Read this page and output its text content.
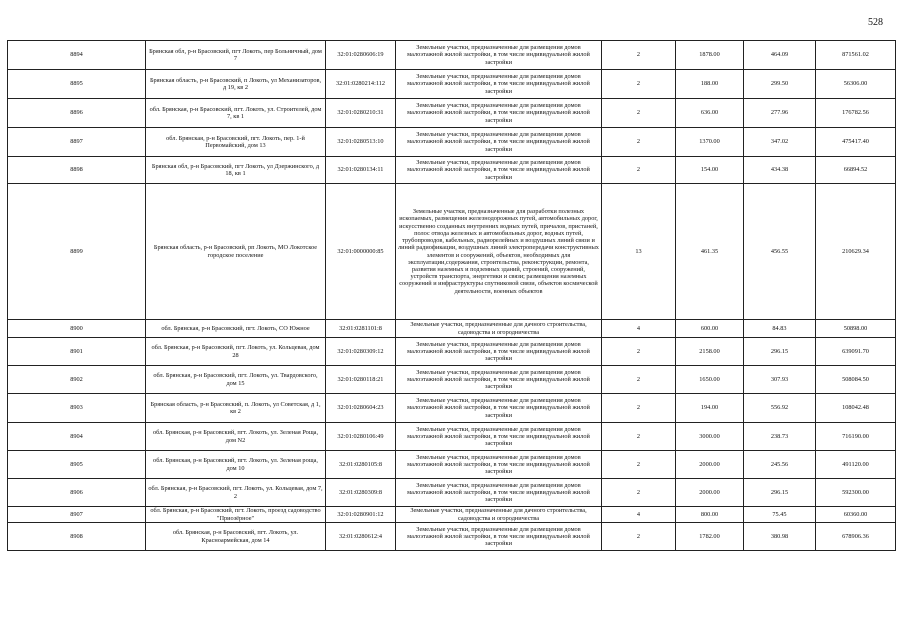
528
8894	Брянская обл, р-н Брасовский, пгт Локоть, пер Больничный, дом 7	32:01:0280606:19	Земельные участки, предназначенные для размещения домов малоэтажной жилой застройки, в том числе индивидуальной жилой застройки	2	1878.00	464.09	871561.02
8895	Брянская область, р-н Брасовский, п Локоть, ул Механизаторов, д 19, кв 2	32:01:0280214:112	Земельные участки, предназначенные для размещения домов малоэтажной жилой застройки, в том числе индивидуальной жилой застройки	2	188.00	299.50	56306.00
8896	обл. Брянская, р-н Брасовский, пгт. Локоть, ул. Строителей, дом 7, кв 1	32:01:0280210:31	Земельные участки, предназначенные для размещения домов малоэтажной жилой застройки, в том числе индивидуальной жилой застройки	2	636.00	277.96	176782.56
8897	обл. Брянская, р-н Брасовский, пгт. Локоть, пер. 1-й Первомайский, дом 13	32:01:0280513:10	Земельные участки, предназначенные для размещения домов малоэтажной жилой застройки, в том числе индивидуальной жилой застройки	2	1370.00	347.02	475417.40
8898	Брянская обл, р-н Брасовский, пгт Локоть, ул Дзержинского, д 18, кв 1	32:01:0280134:11	Земельные участки, предназначенные для размещения домов малоэтажной жилой застройки, в том числе индивидуальной жилой застройки	2	154.00	434.38	66894.52
8899	Брянская область, р-н Брасовский, рп Локоть, МО Локотское городское поселение	32:01:0000000:85	Земельные участки, предназначенные для разработки полезных ископаемых, размещения железнодорожных путей, автомобильных дорог, искусственно созданных внутренних водных путей, причалов, пристаней, полос отвода железных и автомобильных дорог, водных путей, трубопроводов, кабельных, радиорелейных и воздушных линий связи и линий радиофикации, воздушных линий электропередачи конструктивных элементов и сооружений, объектов, необходимых для эксплуатации,содержания, строительства, реконструкции, ремонта, развития наземных и подземных зданий, строений, сооружений, устройств транспорта, энергетики и связи; размещения наземных сооружений и инфраструктуры спутниковой связи, объектов космической деятельности, военных объектов	13	461.35	456.55	210629.34
8900	обл. Брянская, р-н Брасовский, пгт. Локоть, СО Южное	32:01:0281101:8	Земельные участки, предназначенные для дачного строительства, садоводства и огородничества	4	600.00	84.83	50898.00
8901	обл. Брянская, р-н Брасовский, пгт. Локоть, ул. Кольцевая, дом 28	32:01:0280309:12	Земельные участки, предназначенные для размещения домов малоэтажной жилой застройки, в том числе индивидуальной жилой застройки	2	2158.00	296.15	639091.70
8902	обл. Брянская, р-н Брасовский, пгт. Локоть, ул. Твардовского, дом 15	32:01:0280118:21	Земельные участки, предназначенные для размещения домов малоэтажной жилой застройки, в том числе индивидуальной жилой застройки	2	1650.00	307.93	508084.50
8903	Брянская область, р-н Брасовский, п. Локоть, ул Советская, д 1, кв 2	32:01:0280604:23	Земельные участки, предназначенные для размещения домов малоэтажной жилой застройки, в том числе индивидуальной жилой застройки	2	194.00	556.92	108042.48
8904	обл. Брянская, р-н Брасовский, пгт. Локоть, ул. Зеленая Роща, дом N2	32:01:0280106:49	Земельные участки, предназначенные для размещения домов малоэтажной жилой застройки, в том числе индивидуальной жилой застройки	2	3000.00	238.73	716190.00
8905	обл. Брянская, р-н Брасовский, пгт. Локоть, ул. Зеленая роща, дом 10	32:01:0280105:8	Земельные участки, предназначенные для размещения домов малоэтажной жилой застройки, в том числе индивидуальной жилой застройки	2	2000.00	245.56	491120.00
8906	обл. Брянская, р-н Брасовский, пгт. Локоть, ул. Кольцевая, дом 7, 2	32:01:0280309:8	Земельные участки, предназначенные для размещения домов малоэтажной жилой застройки, в том числе индивидуальной жилой застройки	2	2000.00	296.15	592300.00
8907	обл. Брянская, р-н Брасовский, пгт. Локоть, проезд садоводство "Приозёрное"	32:01:0280901:12	Земельные участки, предназначенные для дачного строительства, садоводства и огородничества	4	800.00	75.45	60360.00
8908	обл. Брянская, р-н Брасовский, пгт. Локоть, ул. Красноармейская, дом 14	32:01:0280612:4	Земельные участки, предназначенные для размещения домов малоэтажной жилой застройки, в том числе индивидуальной жилой застройки	2	1782.00	380.98	678906.36
